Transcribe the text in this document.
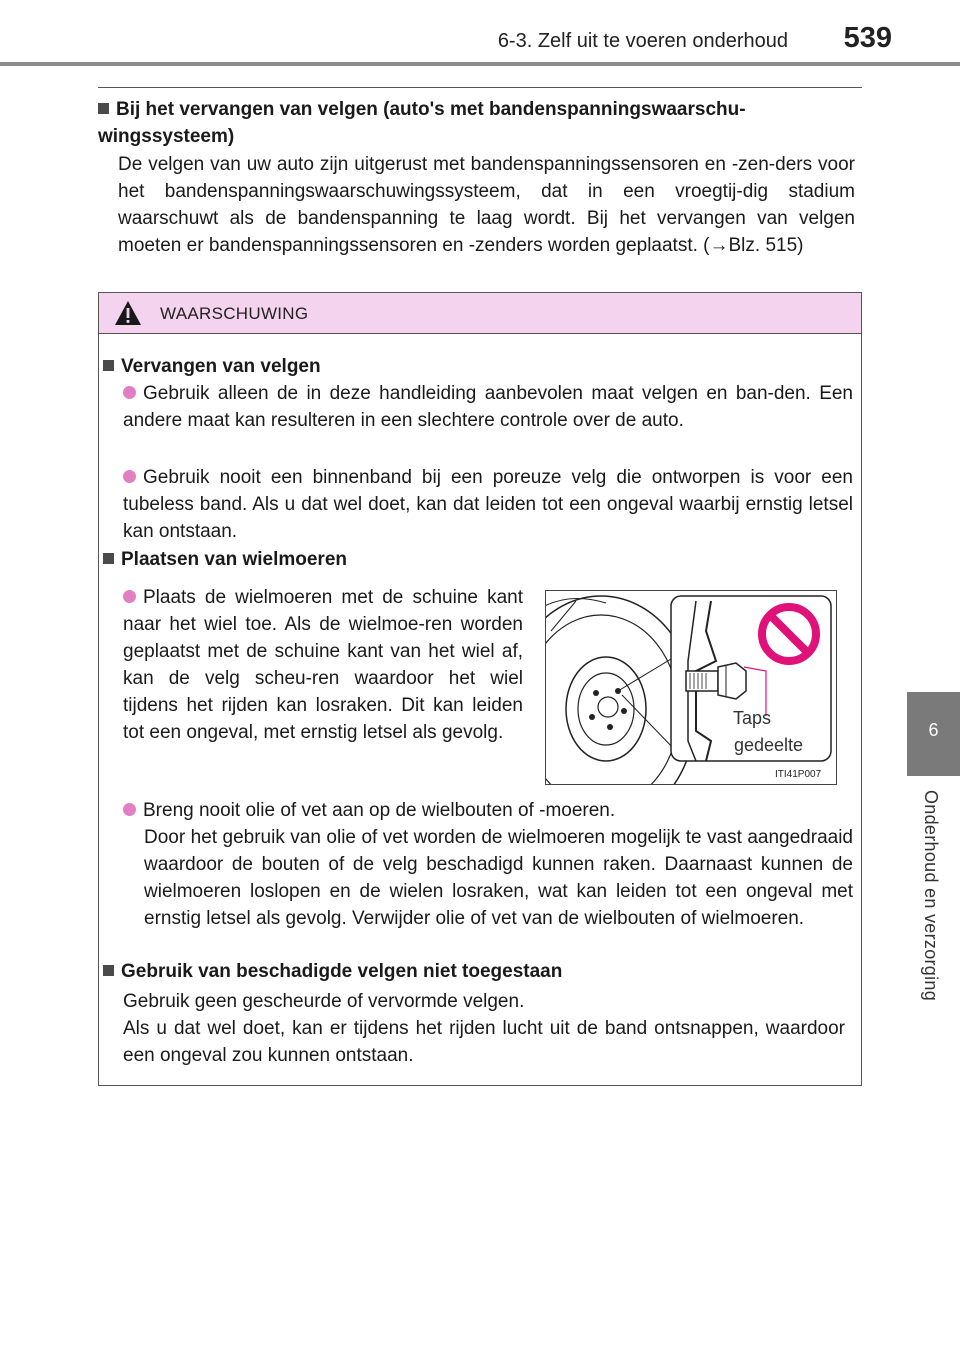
6-3. Zelf uit te voeren onderhoud 539
6
Onderhoud en verzorging
Bij het vervangen van velgen (auto's met bandenspanningswaarschu-wingssysteem)
De velgen van uw auto zijn uitgerust met bandenspanningssensoren en -zen-ders voor het bandenspanningswaarschuwingssysteem, dat in een vroegtij-dig stadium waarschuwt als de bandenspanning te laag wordt. Bij het vervangen van velgen moeten er bandenspanningssensoren en -zenders worden geplaatst. (→Blz. 515)
WAARSCHUWING
Vervangen van velgen
Gebruik alleen de in deze handleiding aanbevolen maat velgen en ban-den. Een andere maat kan resulteren in een slechtere controle over de auto.
Gebruik nooit een binnenband bij een poreuze velg die ontworpen is voor een tubeless band. Als u dat wel doet, kan dat leiden tot een ongeval waarbij ernstig letsel kan ontstaan.
Plaatsen van wielmoeren
Plaats de wielmoeren met de schuine kant naar het wiel toe. Als de wielmoe-ren worden geplaatst met de schuine kant van het wiel af, kan de velg scheu-ren waardoor het wiel tijdens het rijden kan losraken. Dit kan leiden tot een ongeval, met ernstig letsel als gevolg.
Taps
gedeelte
ITI41P007
Breng nooit olie of vet aan op de wielbouten of -moeren.
Door het gebruik van olie of vet worden de wielmoeren mogelijk te vast aangedraaid waardoor de bouten of de velg beschadigd kunnen raken. Daarnaast kunnen de wielmoeren loslopen en de wielen losraken, wat kan leiden tot een ongeval met ernstig letsel als gevolg. Verwijder olie of vet van de wielbouten of wielmoeren.
Gebruik van beschadigde velgen niet toegestaan
Gebruik geen gescheurde of vervormde velgen.
Als u dat wel doet, kan er tijdens het rijden lucht uit de band ontsnappen, waardoor een ongeval zou kunnen ontstaan.
